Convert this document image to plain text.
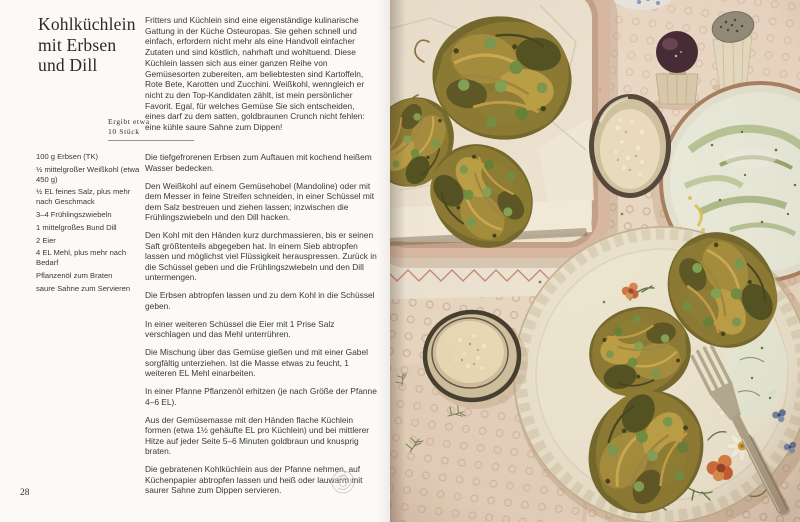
Kohlküchlein
mit Erbsen
und Dill
Fritters und Küchlein sind eine eigenständige kulinarische Gattung in der Küche Osteuropas. Sie gehen schnell und einfach, erfordern nicht mehr als eine Handvoll einfacher Zutaten und sind köstlich, nahrhaft und wohltuend. Diese Küchlein lassen sich aus einer ganzen Reihe von Gemüsesorten zubereiten, am beliebtesten sind Kartoffeln, Rote Bete, Karotten und Zucchini. Weißkohl, wenngleich er nicht zu den Top-Kandidaten zählt, ist mein persönlicher Favorit. Egal, für welches Gemüse Sie sich entscheiden, eines darf zu dem satten, goldbraunen Crunch nicht fehlen: eine kühle saure Sahne zum Dippen!
Ergibt etwa
10 Stück
100 g Erbsen (TK)
½ mittelgroßer Weißkohl (etwa 450 g)
½ EL feines Salz, plus mehr nach Geschmack
3–4 Frühlingszwiebeln
1 mittelgroßes Bund Dill
2 Eier
4 EL Mehl, plus mehr nach Bedarf
Pflanzenöl zum Braten
saure Sahne zum Servieren

Die tiefgefrorenen Erbsen zum Auftauen mit kochend heißem Wasser bedecken.

Den Weißkohl auf einem Gemüsehobel (Mandoline) oder mit dem Messer in feine Streifen schneiden, in einer Schüssel mit dem Salz bestreuen und ziehen lassen; inzwischen die Frühlingszwiebeln und den Dill hacken.

Den Kohl mit den Händen kurz durchmassieren, bis er seinen Saft größtenteils abgegeben hat. In einem Sieb abtropfen lassen und möglichst viel Flüssigkeit herauspressen. Zurück in die Schüssel geben und die Frühlingszwiebeln und den Dill untermengen.

Die Erbsen abtropfen lassen und zu dem Kohl in die Schüssel geben.

In einer weiteren Schüssel die Eier mit 1 Prise Salz verschlagen und das Mehl unterrühren.

Die Mischung über das Gemüse gießen und mit einer Gabel sorgfältig unterziehen. Ist die Masse etwas zu feucht, 1 weiteren EL Mehl einarbeiten.

In einer Pfanne Pflanzenöl erhitzen (je nach Größe der Pfanne 4–6 EL).

Aus der Gemüsemasse mit den Händen flache Küchlein formen (etwa 1½ gehäufte EL pro Küchlein) und bei mittlerer Hitze auf jeder Seite 5–6 Minuten goldbraun und knusprig braten.

Die gebratenen Kohlküchlein aus der Pfanne nehmen, auf Küchenpapier abtropfen lassen und heiß oder lauwarm mit saurer Sahne zum Dippen servieren.

28
